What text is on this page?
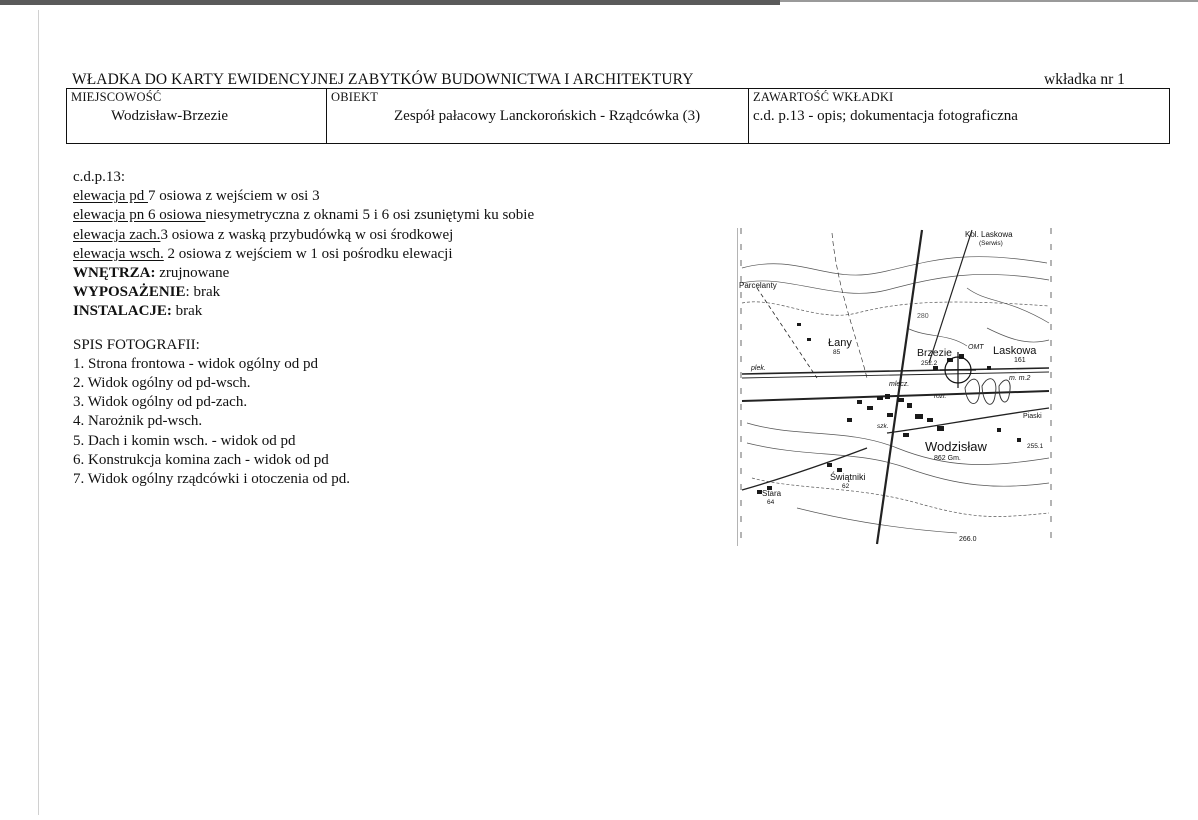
WŁADKA DO KARTY EWIDENCYJNEJ ZABYTKÓW BUDOWNICTWA I ARCHITEKTURY	wkładka nr 1
MIEJSCOWOŚĆ
Wodzisław-Brzezie
OBIEKT
Zespół pałacowy Lanckorońskich - Rządcówka (3)
ZAWARTOŚĆ WKŁADKI
c.d. p.13 - opis; dokumentacja fotograficzna
c.d.p.13:
elewacja pd 7 osiowa z wejściem w osi 3
elewacja pn 6 osiowa niesymetryczna z oknami 5 i 6 osi zsuniętymi ku sobie
elewacja zach.3 osiowa z waską przybudówką w osi środkowej
elewacja wsch. 2 osiowa z wejściem w 1 osi pośrodku elewacji
WNĘTRZA: zrujnowane
WYPOSAŻENIE: brak
INSTALACJE: brak
SPIS FOTOGRAFII:
1. Strona frontowa - widok ogólny od pd
2. Widok ogólny od pd-wsch.
3. Widok ogólny od pd-zach.
4. Narożnik pd-wsch.
5. Dach i komin wsch. - widok od pd
6. Konstrukcja komina zach - widok od pd
7. Widok ogólny rządcówki i otoczenia od pd.
Kol. Laskowa
(Serwis)
Parcelanty
280
Łany
85	Brzezie OMT Laskowa
161
252.2
m. m.2
plek.
mlecz.
rozl.
szk.
Piaski
Wodzisław
862 Gm.
255.1
Świątniki
62
Stara
64
266.0
